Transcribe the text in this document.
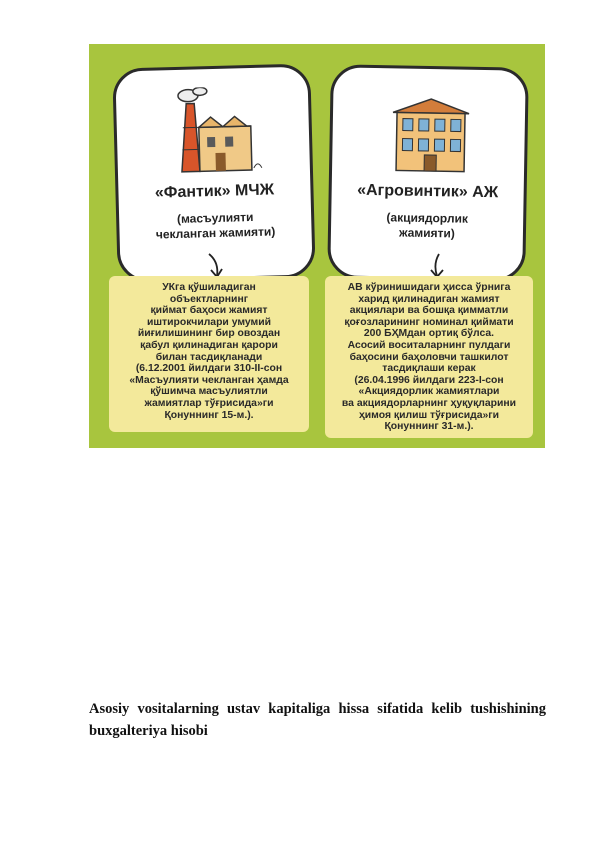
«Фантик» МЧЖ
(масъулияти
чекланган жамияти)
«Агровинтик» АЖ
(акциядорлик
жамияти)
УКга қўшиладиган
объектларнинг
қиймат баҳоси жамият
иштирокчилари умумий
йиғилишининг бир овоздан
қабул қилинадиган қарори
билан тасдиқланади
(6.12.2001 йилдаги 310-II-сон
«Масъулияти чекланган ҳамда
қўшимча масъулиятли
жамиятлар тўғрисида»ги
Қонуннинг 15-м.).
АВ кўринишидаги ҳисса ўрнига
харид қилинадиган жамият
акциялари ва бошқа қимматли
қоғозларининг номинал қиймати
200 БҲМдан ортиқ бўлса.
Асосий воситаларнинг пулдаги
баҳосини баҳоловчи ташкилот
тасдиқлаши керак
(26.04.1996 йилдаги 223-I-сон
«Акциядорлик жамиятлари
ва акциядорларнинг ҳуқуқларини
ҳимоя қилиш тўғрисида»ги
Қонуннинг 31-м.).
Asosiy vositalarning ustav kapitaliga hissa sifatida kelib tushishining buxgalteriya hisobi
